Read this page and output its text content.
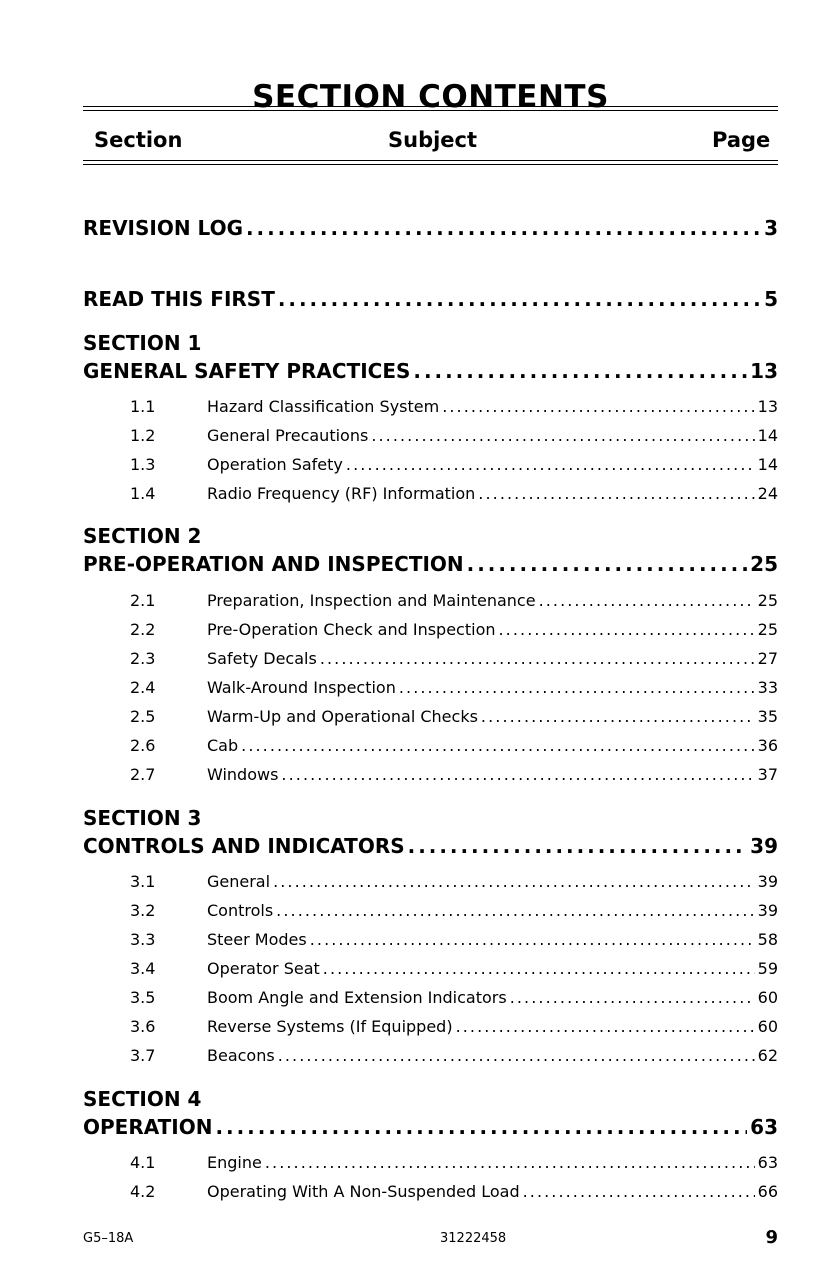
SECTION CONTENTS
Section	Subject	Page
REVISION LOG . . .	3
READ THIS FIRST . . .	5
SECTION 1
GENERAL SAFETY PRACTICES . . .	13
1.1	Hazard Classification System . . .	13
1.2	General Precautions . . .	14
1.3	Operation Safety . . .	14
1.4	Radio Frequency (RF) Information . . .	24
SECTION 2
PRE-OPERATION AND INSPECTION . . .	25
2.1	Preparation, Inspection and Maintenance . . .	25
2.2	Pre-Operation Check and Inspection . . .	25
2.3	Safety Decals . . .	27
2.4	Walk-Around Inspection . . .	33
2.5	Warm-Up and Operational Checks . . .	35
2.6	Cab . . .	36
2.7	Windows . . .	37
SECTION 3
CONTROLS AND INDICATORS . . .	39
3.1	General . . .	39
3.2	Controls . . .	39
3.3	Steer Modes . . .	58
3.4	Operator Seat . . .	59
3.5	Boom Angle and Extension Indicators . . .	60
3.6	Reverse Systems (If Equipped) . . .	60
3.7	Beacons . . .	62
SECTION 4
OPERATION . . .	63
4.1	Engine . . .	63
4.2	Operating With A Non-Suspended Load . . .	66
G5–18A	31222458	9
